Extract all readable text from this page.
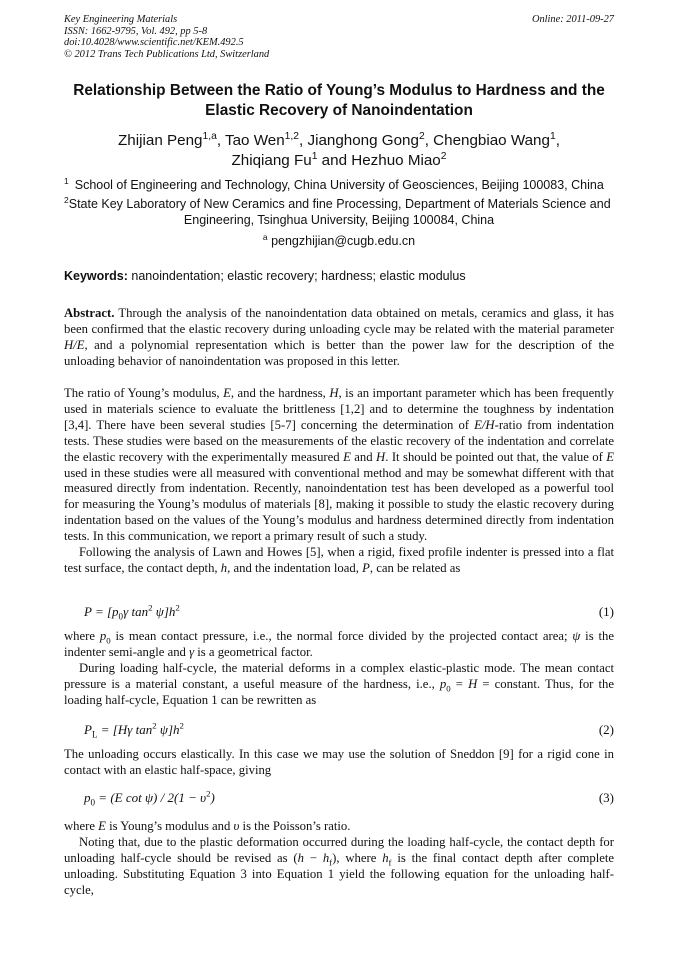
Key Engineering Materials
ISSN: 1662-9795, Vol. 492, pp 5-8
doi:10.4028/www.scientific.net/KEM.492.5
© 2012 Trans Tech Publications Ltd, Switzerland
Online: 2011-09-27
Relationship Between the Ratio of Young’s Modulus to Hardness and the
Elastic Recovery of Nanoindentation
Zhijian Peng$^{1,a}$, Tao Wen$^{1,2}$, Jianghong Gong$^2$, Chengbiao Wang$^1$,
Zhiqiang Fu$^1$ and Hezhuo Miao$^2$
$^1$ School of Engineering and Technology, China University of Geosciences, Beijing 100083, China
$^2$State Key Laboratory of New Ceramics and fine Processing, Department of Materials Science and
Engineering, Tsinghua University, Beijing 100084, China
$^a$ pengzhijian@cugb.edu.cn
Keywords: nanoindentation; elastic recovery; hardness; elastic modulus

Abstract. Through the analysis of the nanoindentation data obtained on metals, ceramics and glass, it has been confirmed that the elastic recovery during unloading cycle may be related with the material parameter H/E, and a polynomial representation which is better than the power law for the description of the unloading behavior of nanoindentation was proposed in this letter.

The ratio of Young’s modulus, E, and the hardness, H, is an important parameter which has been frequently used in materials science to evaluate the brittleness [1,2] and to determine the toughness by indentation [3,4]. There have been several studies [5-7] concerning the determination of E/H-ratio from indentation tests. These studies were based on the measurements of the elastic recovery of the indentation and correlate the elastic recovery with the experimentally measured E and H. It should be pointed out that, the value of E used in these studies were all measured with conventional method and may be somewhat different with that measured directly from indentation. Recently, nanoindentation test has been developed as a powerful tool for measuring the Young’s modulus of materials [8], making it possible to study the elastic recovery during indentation based on the values of the Young’s modulus and hardness determined directly from indentation tests. In this communication, we report a primary result of such a study.

Following the analysis of Lawn and Howes [5], when a rigid, fixed profile indenter is pressed into a flat test surface, the contact depth, h, and the indentation load, P, can be related as

$P = [p_0\gamma$ $\tan^2 \psi]h^2$	(1)

where $p_0$ is mean contact pressure, i.e., the normal force divided by the projected contact area; ψ is the indenter semi-angle and γ is a geometrical factor.

During loading half-cycle, the material deforms in a complex elastic-plastic mode. The mean contact pressure is a material constant, a useful measure of the hardness, i.e., $p_0 = H$ = constant. Thus, for the loading half-cycle, Equation 1 can be rewritten as

$P_L = [H\gamma$ $\tan^2 \psi]h^2$	(2)

The unloading occurs elastically. In this case we may use the solution of Sneddon [9] for a rigid cone in contact with an elastic half-space, giving

$p_0 = (E$ $\cot \psi) / 2(1 - \upsilon^2)$	(3)

where E is Young’s modulus and υ is the Poisson’s ratio.

Noting that, due to the plastic deformation occurred during the loading half-cycle, the contact depth for unloading half-cycle should be revised as $(h - h_f)$, where $h_f$ is the final contact depth after complete unloading. Substituting Equation 3 into Equation 1 yield the following equation for the unloading half-cycle,
